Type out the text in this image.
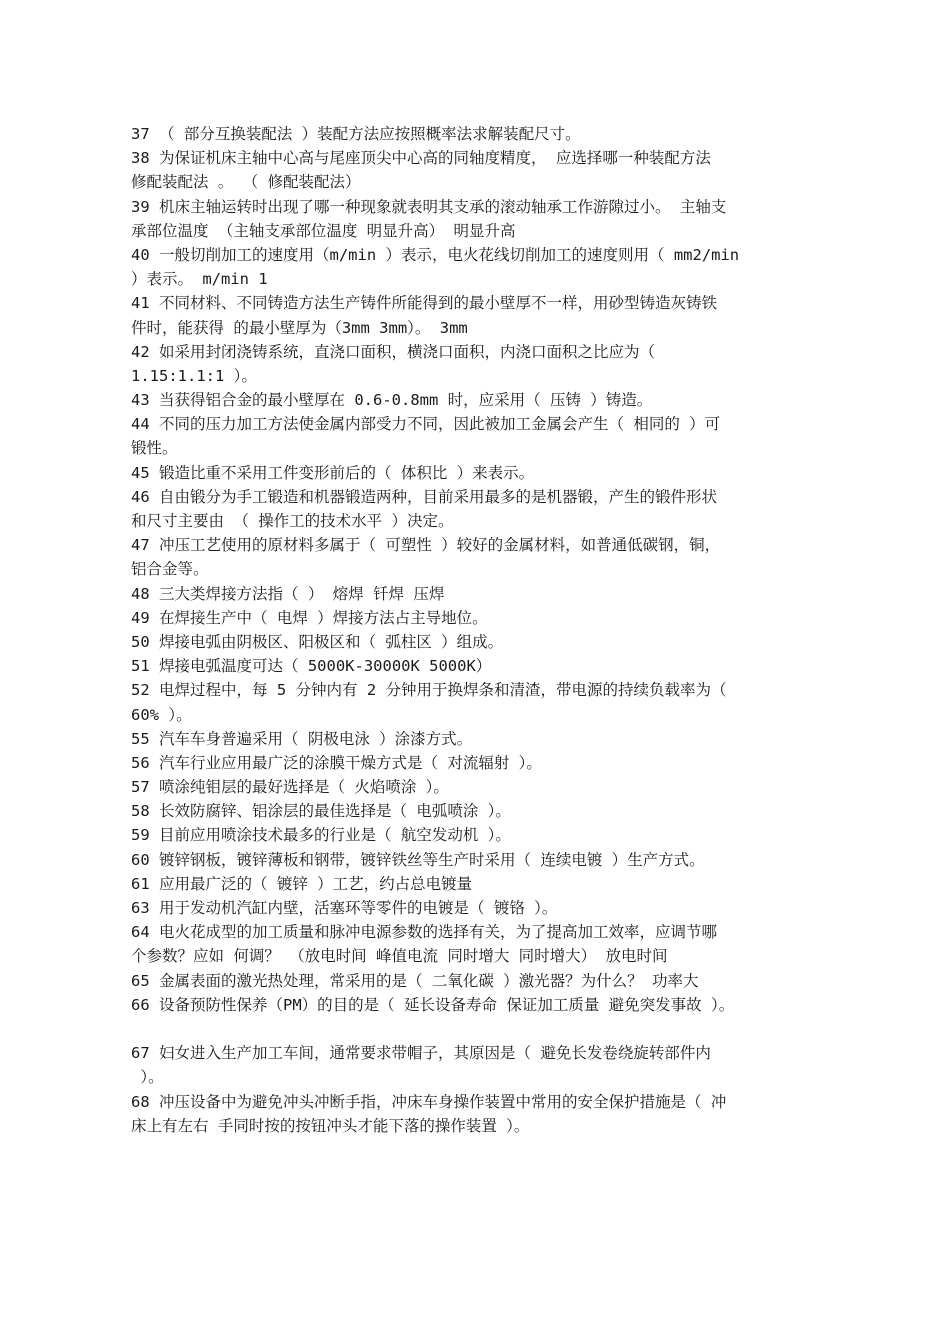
37 （ 部分互换装配法 ）装配方法应按照概率法求解装配尺寸。
38 为保证机床主轴中心高与尾座顶尖中心高的同轴度精度， 应选择哪一种装配方法
修配装配法 。 （ 修配装配法）
39 机床主轴运转时出现了哪一种现象就表明其支承的滚动轴承工作游隙过小。 主轴支
承部位温度 （主轴支承部位温度 明显升高） 明显升高
40 一般切削加工的速度用（m/min ）表示，电火花线切削加工的速度则用（ mm2/min
）表示。 m/min 1
41 不同材料、不同铸造方法生产铸件所能得到的最小壁厚不一样，用砂型铸造灰铸铁
件时，能获得 的最小壁厚为（3mm 3mm）。 3mm
42 如采用封闭浇铸系统，直浇口面积，横浇口面积，内浇口面积之比应为（
1.15:1.1:1 ）。
43 当获得铝合金的最小壁厚在 0.6-0.8mm 时，应采用（ 压铸 ）铸造。
44 不同的压力加工方法使金属内部受力不同，因此被加工金属会产生（ 相同的 ）可
锻性。
45 锻造比重不采用工件变形前后的（ 体积比 ）来表示。
46 自由锻分为手工锻造和机器锻造两种，目前采用最多的是机器锻，产生的锻件形状
和尺寸主要由 （ 操作工的技术水平 ）决定。
47 冲压工艺使用的原材料多属于（ 可塑性 ）较好的金属材料，如普通低碳钢，铜，
铝合金等。
48 三大类焊接方法指（ ） 熔焊 钎焊 压焊
49 在焊接生产中（ 电焊 ）焊接方法占主导地位。
50 焊接电弧由阴极区、阳极区和（ 弧柱区 ）组成。
51 焊接电弧温度可达（ 5000K-30000K 5000K）
52 电焊过程中，每 5 分钟内有 2 分钟用于换焊条和清渣，带电源的持续负载率为（
60% ）。
55 汽车车身普遍采用（ 阴极电泳 ）涂漆方式。
56 汽车行业应用最广泛的涂膜干燥方式是（ 对流辐射 ）。
57 喷涂纯钼层的最好选择是（ 火焰喷涂 ）。
58 长效防腐锌、铝涂层的最佳选择是（ 电弧喷涂 ）。
59 目前应用喷涂技术最多的行业是（ 航空发动机 ）。
60 镀锌钢板，镀锌薄板和钢带，镀锌铁丝等生产时采用（ 连续电镀 ）生产方式。
61 应用最广泛的（ 镀锌 ）工艺，约占总电镀量
63 用于发动机汽缸内壁，活塞环等零件的电镀是（ 镀铬 ）。
64 电火花成型的加工质量和脉冲电源参数的选择有关，为了提高加工效率，应调节哪
个参数？应如 何调？ （放电时间 峰值电流 同时增大 同时增大） 放电时间
65 金属表面的激光热处理，常采用的是（ 二氧化碳 ）激光器？为什么？ 功率大
66 设备预防性保养（PM）的目的是（ 延长设备寿命 保证加工质量 避免突发事故 ）。
67 妇女进入生产加工车间，通常要求带帽子，其原因是（ 避免长发卷绕旋转部件内
）。
68 冲压设备中为避免冲头冲断手指，冲床车身操作装置中常用的安全保护措施是（ 冲
床上有左右 手同时按的按钮冲头才能下落的操作装置 ）。
